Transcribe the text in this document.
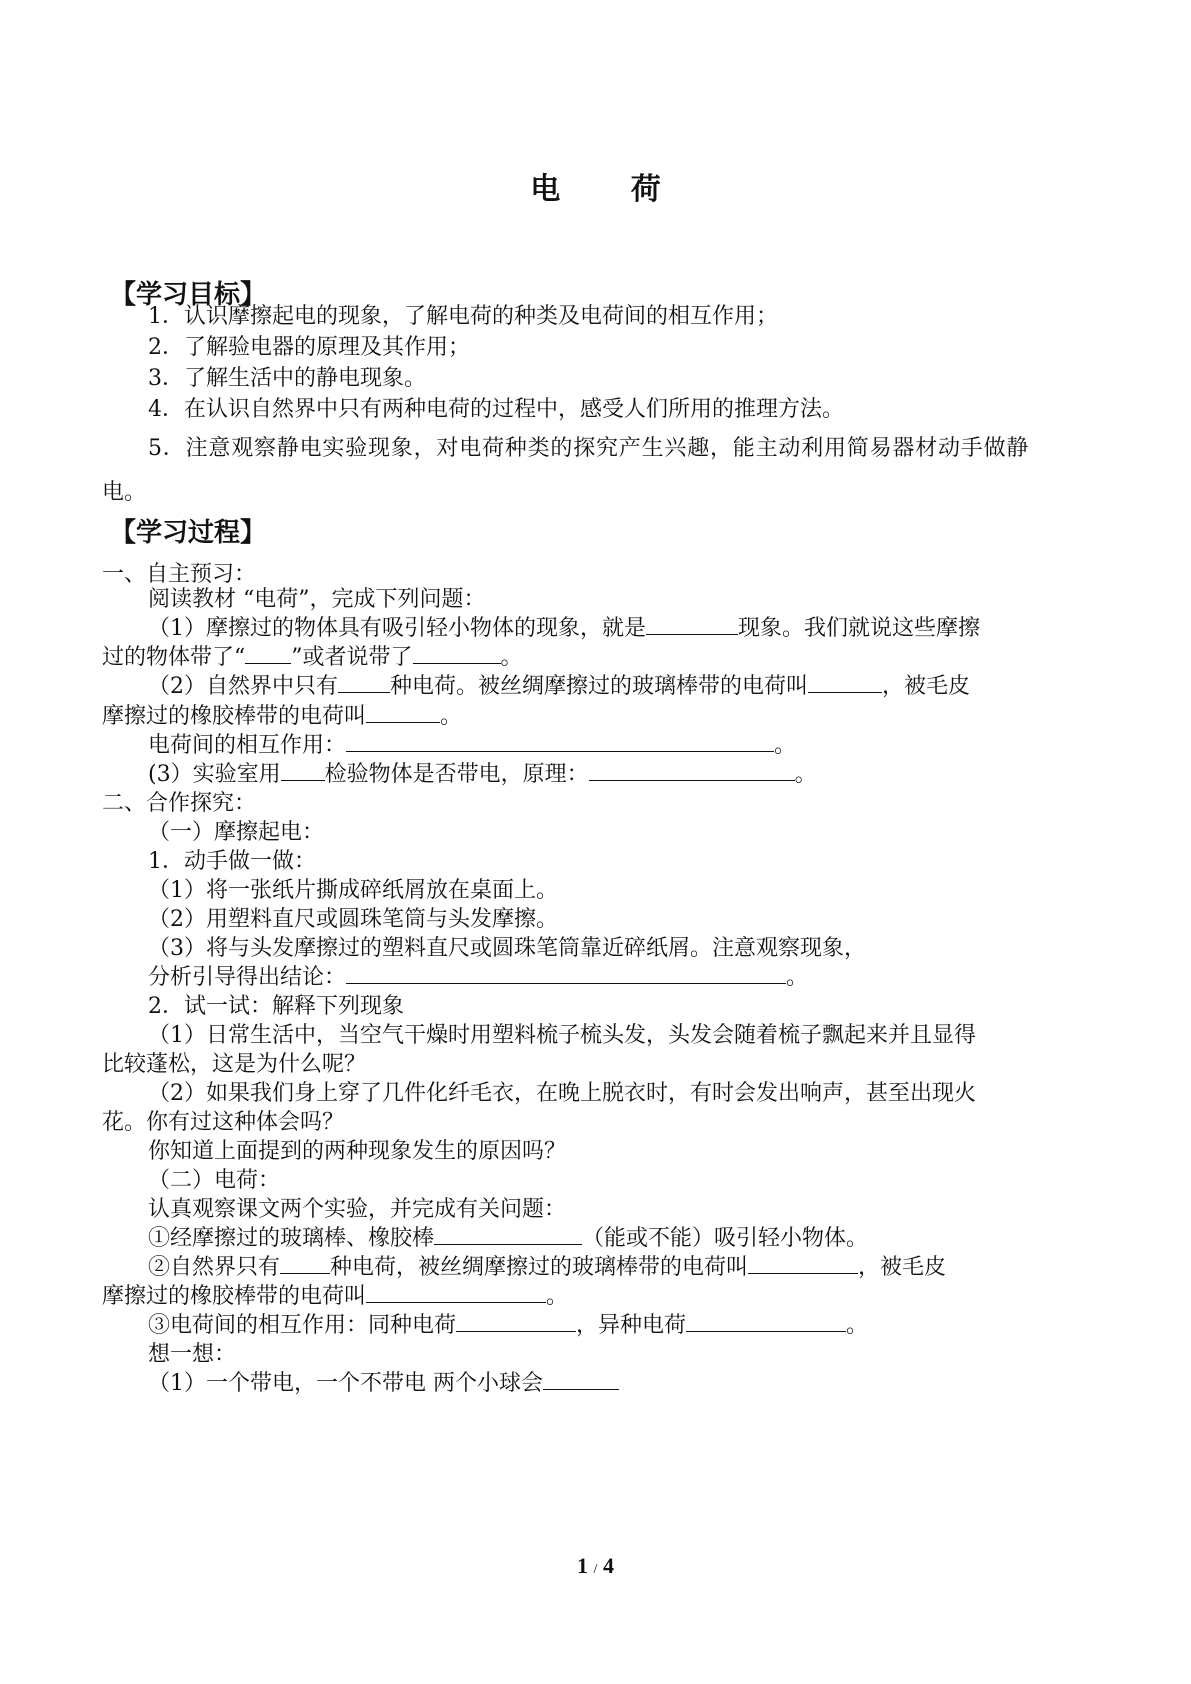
电 荷
【学习目标】
1．认识摩擦起电的现象，了解电荷的种类及电荷间的相互作用；
2．了解验电器的原理及其作用；
3．了解生活中的静电现象。
4．在认识自然界中只有两种电荷的过程中，感受人们所用的推理方法。
5．注意观察静电实验现象，对电荷种类的探究产生兴趣，能主动利用简易器材动手做静
电。
【学习过程】
一、自主预习：
阅读教材 “电荷”，完成下列问题：
（1）摩擦过的物体具有吸引轻小物体的现象，就是	现象。我们就说这些摩擦
过的物体带了“ ”或者说带了	。
（2）自然界中只有 种电荷。被丝绸摩擦过的玻璃棒带的电荷叫	，被毛皮
摩擦过的橡胶棒带的电荷叫	。
电荷间的相互作用：	。
(3）实验室用 检验物体是否带电，原理：	。
二、合作探究：
（一）摩擦起电：
1．动手做一做：
（1）将一张纸片撕成碎纸屑放在桌面上。
（2）用塑料直尺或圆珠笔筒与头发摩擦。
（3）将与头发摩擦过的塑料直尺或圆珠笔筒靠近碎纸屑。注意观察现象，
分析引导得出结论：	。
2．试一试：解释下列现象
（1）日常生活中，当空气干燥时用塑料梳子梳头发，头发会随着梳子飘起来并且显得
比较蓬松，这是为什么呢？
（2）如果我们身上穿了几件化纤毛衣，在晚上脱衣时，有时会发出响声，甚至出现火
花。你有过这种体会吗？
你知道上面提到的两种现象发生的原因吗？
（二）电荷：
认真观察课文两个实验，并完成有关问题：
①经摩擦过的玻璃棒、橡胶棒	（能或不能）吸引轻小物体。
②自然界只有 种电荷，被丝绸摩擦过的玻璃棒带的电荷叫	，被毛皮
摩擦过的橡胶棒带的电荷叫	。
③电荷间的相互作用：同种电荷	，异种电荷	。
想一想：
（1）一个带电，一个不带电 两个小球会
1 / 4
